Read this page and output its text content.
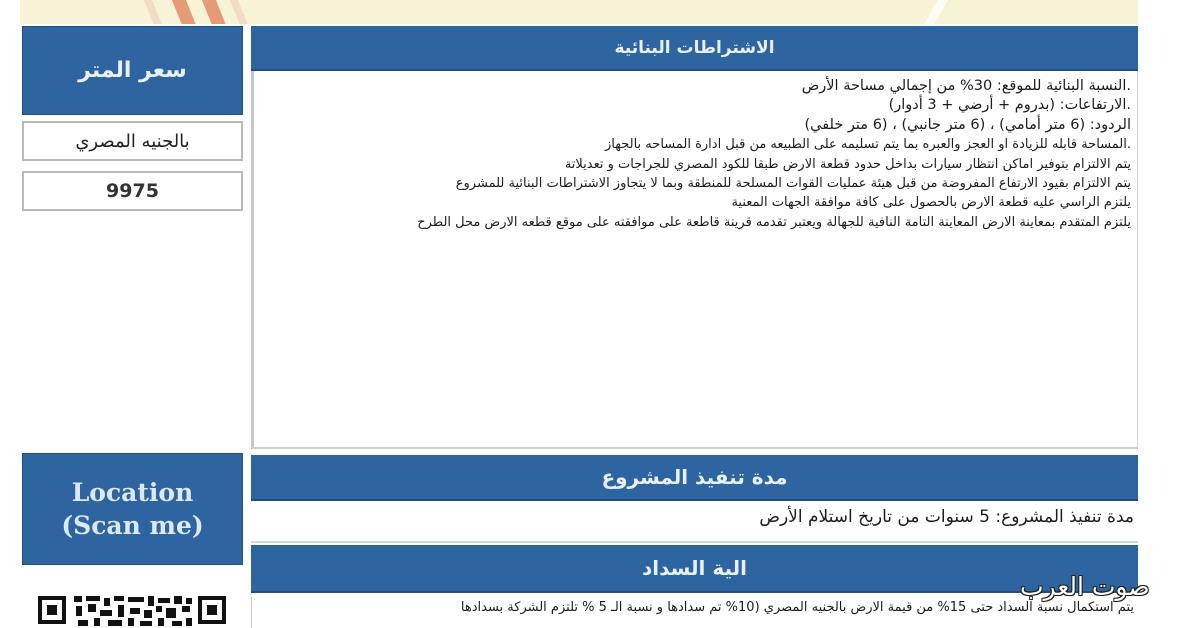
سعر المتر
بالجنيه المصري
9975
Location
(Scan me)
الاشتراطات البنائية
.النسبة البنائية للموقع: 30% من إجمالي مساحة الأرض
.الارتفاعات: (بدروم + أرضي + 3 أدوار)
الردود: (6 متر أمامي) ، (6 متر جانبي) ، (6 متر خلفي)
.المساحة قابله للزيادة او العجز والعبره بما يتم تسليمه على الطبيعه من قبل ادارة المساحه بالجهاز
يتم الالتزام بتوفير اماكن انتظار سيارات بداخل حدود قطعة الارض طبقا للكود المصري للجراجات و تعديلاتة
يتم الالتزام بقيود الارتفاع المفروضة من قبل هيئة عمليات القوات المسلحة للمنطقة وبما لا يتجاوز الاشتراطات البنائية للمشروع
يلتزم الراسي عليه قطعة الارض بالحصول على كافة موافقة الجهات المعنية
يلتزم المتقدم بمعاينة الارض المعاينة التامة النافية للجهالة ويعتبر تقدمه قرينة قاطعة على موافقته على موقع قطعه الارض محل الطرح
مدة تنفيذ المشروع
مدة تنفيذ المشروع: 5 سنوات من تاريخ استلام الأرض
الية السداد
يتم استكمال نسبة السداد حتى 15% من قيمة الارض بالجنيه المصري (10% تم سدادها و نسبة الـ 5 % تلتزم الشركة بسدادها
صوت العرب
